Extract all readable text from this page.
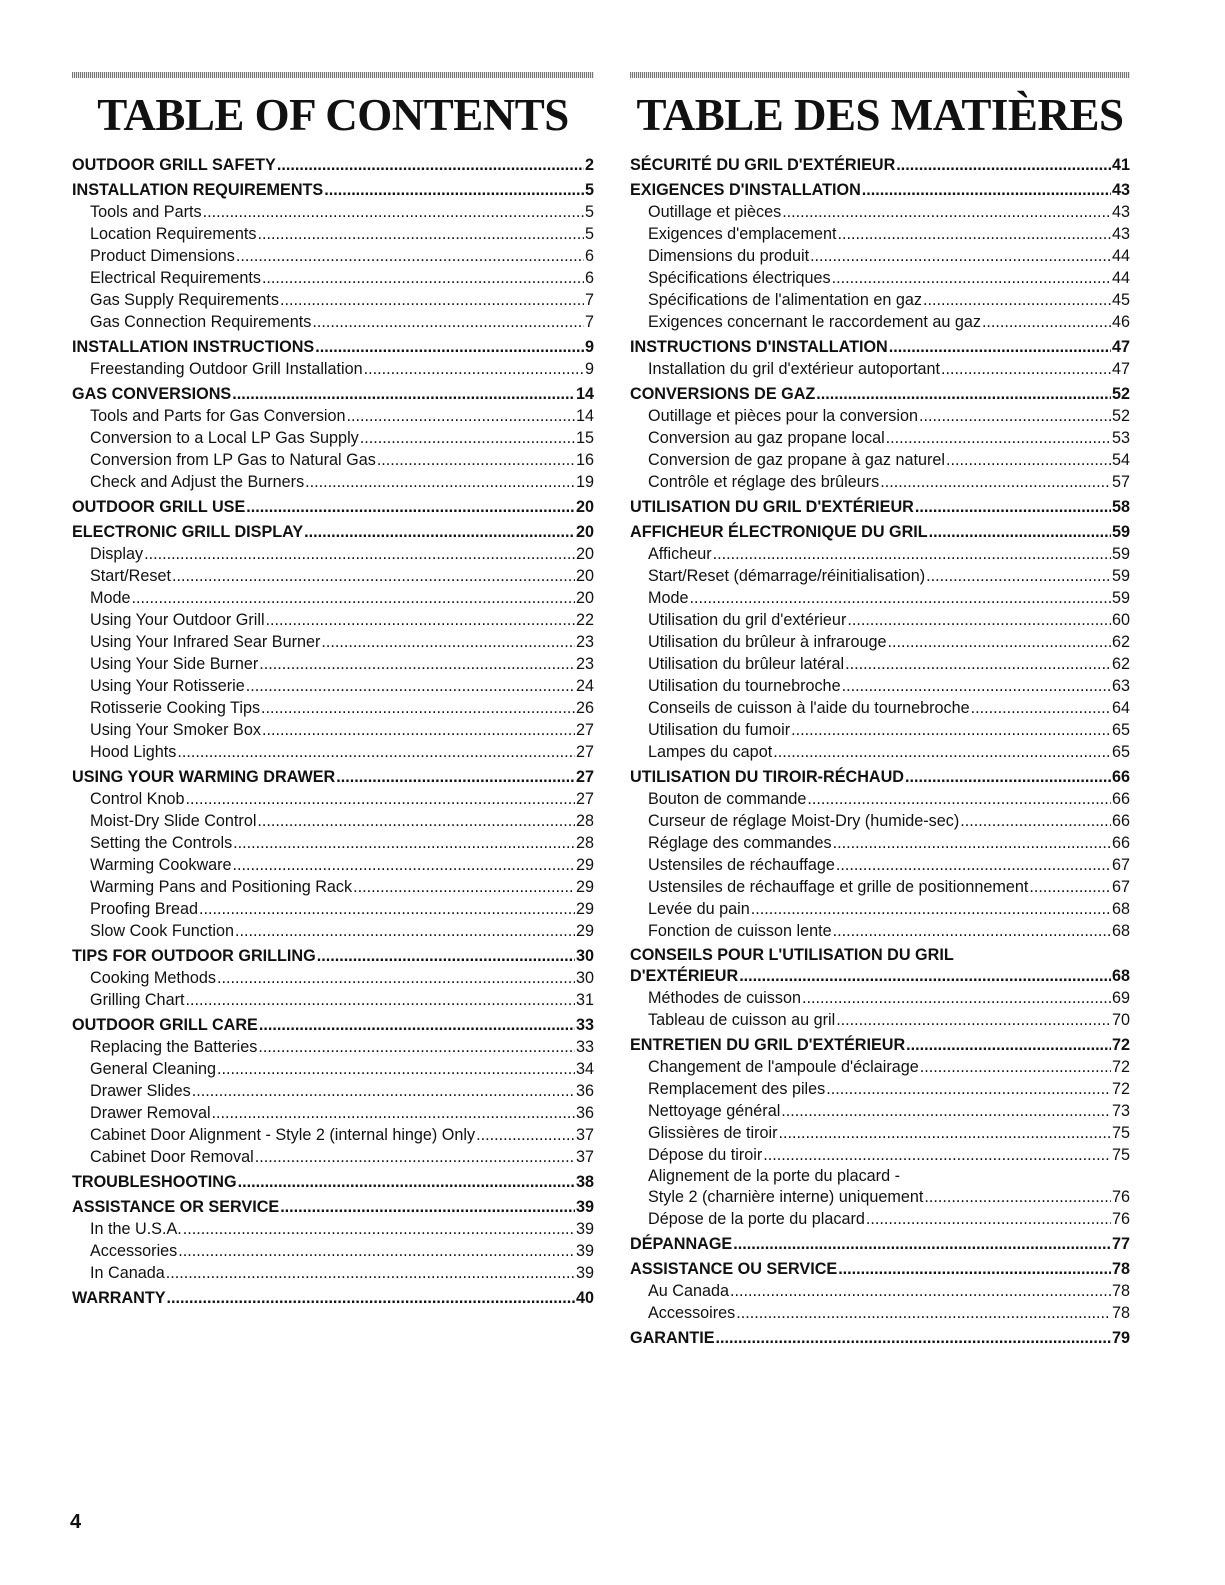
TABLE OF CONTENTS
OUTDOOR GRILL SAFETY .....	2
INSTALLATION REQUIREMENTS .....	5
Tools and Parts .....	5
Location Requirements .....	5
Product Dimensions .....	6
Electrical Requirements .....	6
Gas Supply Requirements .....	7
Gas Connection Requirements .....	7
INSTALLATION INSTRUCTIONS .....	9
Freestanding Outdoor Grill Installation .....	9
GAS CONVERSIONS .....	14
Tools and Parts for Gas Conversion .....	14
Conversion to a Local LP Gas Supply .....	15
Conversion from LP Gas to Natural Gas .....	16
Check and Adjust the Burners .....	19
OUTDOOR GRILL USE .....	20
ELECTRONIC GRILL DISPLAY .....	20
Display .....	20
Start/Reset .....	20
Mode .....	20
Using Your Outdoor Grill .....	22
Using Your Infrared Sear Burner .....	23
Using Your Side Burner .....	23
Using Your Rotisserie .....	24
Rotisserie Cooking Tips .....	26
Using Your Smoker Box .....	27
Hood Lights .....	27
USING YOUR WARMING DRAWER .....	27
Control Knob .....	27
Moist-Dry Slide Control .....	28
Setting the Controls .....	28
Warming Cookware .....	29
Warming Pans and Positioning Rack .....	29
Proofing Bread .....	29
Slow Cook Function .....	29
TIPS FOR OUTDOOR GRILLING .....	30
Cooking Methods .....	30
Grilling Chart .....	31
OUTDOOR GRILL CARE .....	33
Replacing the Batteries .....	33
General Cleaning .....	34
Drawer Slides .....	36
Drawer Removal .....	36
Cabinet Door Alignment - Style 2 (internal hinge) Only .....	37
Cabinet Door Removal .....	37
TROUBLESHOOTING .....	38
ASSISTANCE OR SERVICE .....	39
In the U.S.A. .....	39
Accessories .....	39
In Canada .....	39
WARRANTY .....	40
TABLE DES MATIÈRES
SÉCURITÉ DU GRIL D'EXTÉRIEUR .....	41
EXIGENCES D'INSTALLATION .....	43
Outillage et pièces .....	43
Exigences d'emplacement .....	43
Dimensions du produit .....	44
Spécifications électriques .....	44
Spécifications de l'alimentation en gaz .....	45
Exigences concernant le raccordement au gaz .....	46
INSTRUCTIONS D'INSTALLATION .....	47
Installation du gril d'extérieur autoportant .....	47
CONVERSIONS DE GAZ .....	52
Outillage et pièces pour la conversion .....	52
Conversion au gaz propane local .....	53
Conversion de gaz propane à gaz naturel .....	54
Contrôle et réglage des brûleurs .....	57
UTILISATION DU GRIL D'EXTÉRIEUR .....	58
AFFICHEUR ÉLECTRONIQUE DU GRIL .....	59
Afficheur .....	59
Start/Reset (démarrage/réinitialisation) .....	59
Mode .....	59
Utilisation du gril d'extérieur .....	60
Utilisation du brûleur à infrarouge .....	62
Utilisation du brûleur latéral .....	62
Utilisation du tournebroche .....	63
Conseils de cuisson à l'aide du tournebroche .....	64
Utilisation du fumoir .....	65
Lampes du capot .....	65
UTILISATION DU TIROIR-RÉCHAUD .....	66
Bouton de commande .....	66
Curseur de réglage Moist-Dry (humide-sec) .....	66
Réglage des commandes .....	66
Ustensiles de réchauffage .....	67
Ustensiles de réchauffage et grille de positionnement .....	67
Levée du pain .....	68
Fonction de cuisson lente .....	68
CONSEILS POUR L'UTILISATION DU GRIL
D'EXTÉRIEUR .....	68
Méthodes de cuisson .....	69
Tableau de cuisson au gril .....	70
ENTRETIEN DU GRIL D'EXTÉRIEUR .....	72
Changement de l'ampoule d'éclairage .....	72
Remplacement des piles .....	72
Nettoyage général .....	73
Glissières de tiroir .....	75
Dépose du tiroir .....	75
Alignement de la porte du placard -
Style 2 (charnière interne) uniquement .....	76
Dépose de la porte du placard .....	76
DÉPANNAGE .....	77
ASSISTANCE OU SERVICE .....	78
Au Canada .....	78
Accessoires .....	78
GARANTIE .....	79
4
